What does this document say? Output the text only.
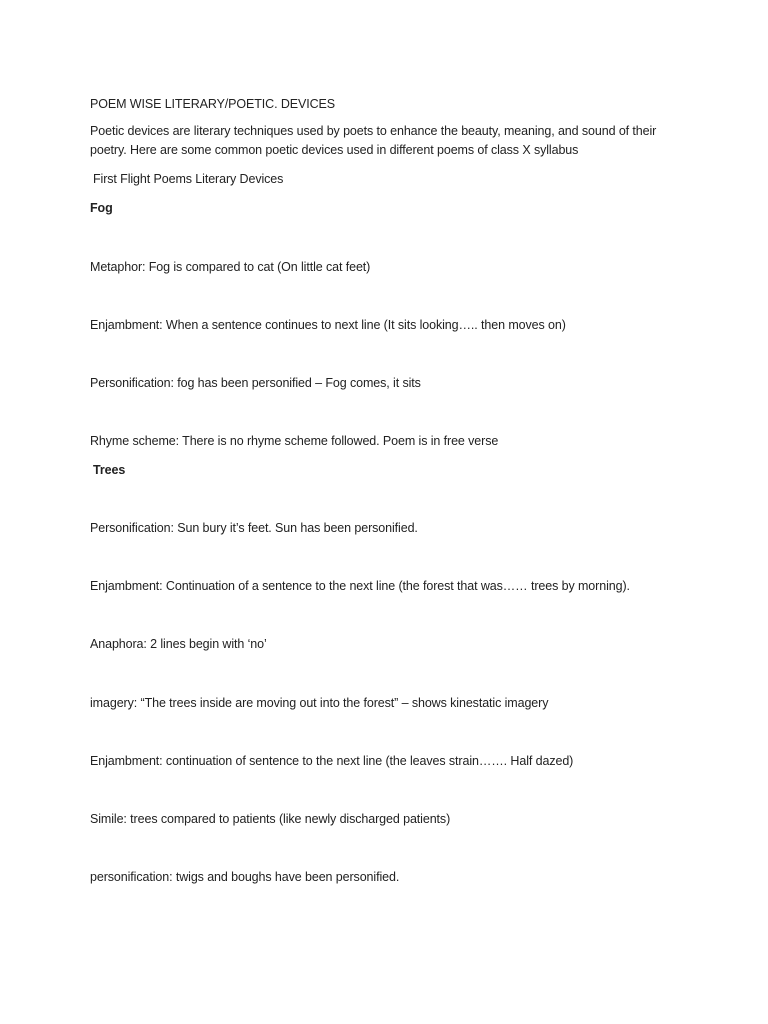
POEM WISE LITERARY/POETIC. DEVICES
Poetic devices are literary techniques used by poets to enhance the beauty, meaning, and sound of their poetry. Here are some common poetic devices used in different poems of class X syllabus
First Flight Poems Literary Devices
Fog
Metaphor: Fog is compared to cat (On little cat feet)
Enjambment: When a sentence continues to next line (It sits looking….. then moves on)
Personification: fog has been personified – Fog comes, it sits
Rhyme scheme: There is no rhyme scheme followed. Poem is in free verse
Trees
Personification: Sun bury it’s feet. Sun has been personified.
Enjambment: Continuation of a sentence to the next line (the forest that was…… trees by morning).
Anaphora: 2 lines begin with ‘no’
imagery: “The trees inside are moving out into the forest” – shows kinestatic imagery
Enjambment: continuation of sentence to the next line (the leaves strain……. Half dazed)
Simile: trees compared to patients (like newly discharged patients)
personification: twigs and boughs have been personified.
